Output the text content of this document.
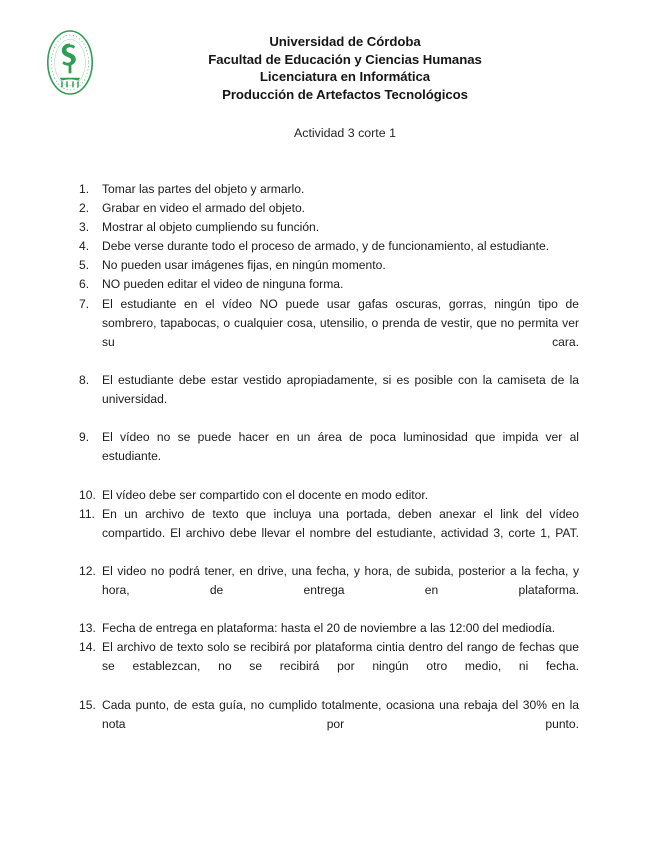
Universidad de Córdoba
Facultad de Educación y Ciencias Humanas
Licenciatura en Informática
Producción de Artefactos Tecnológicos
Actividad 3 corte 1
1.	Tomar las partes del objeto y armarlo.
2.	Grabar en video el armado del objeto.
3.	Mostrar al objeto cumpliendo su función.
4.	Debe verse durante todo el proceso de armado, y de funcionamiento, al estudiante.
5.	No pueden usar imágenes fijas, en ningún momento.
6.	NO pueden editar el video de ninguna forma.
7.	El estudiante en el vídeo NO puede usar gafas oscuras, gorras, ningún tipo de sombrero, tapabocas, o cualquier cosa, utensilio, o prenda de vestir, que no permita ver su cara.
8.	El estudiante debe estar vestido apropiadamente, si es posible con la camiseta de la universidad.
9.	El vídeo no se puede hacer en un área de poca luminosidad que impida ver al estudiante.
10. El vídeo debe ser compartido con el docente en modo editor.
11. En un archivo de texto que incluya una portada, deben anexar el link del vídeo compartido. El archivo debe llevar el nombre del estudiante, actividad 3, corte 1, PAT.
12. El video no podrá tener, en drive, una fecha, y hora, de subida, posterior a la fecha, y hora, de entrega en plataforma.
13. Fecha de entrega en plataforma: hasta el 20 de noviembre a las 12:00 del mediodía.
14. El archivo de texto solo se recibirá por plataforma cintia dentro del rango de fechas que se establezcan, no se recibirá por ningún otro medio, ni fecha.
15. Cada punto, de esta guía, no cumplido totalmente, ocasiona una rebaja del 30% en la nota por punto.
